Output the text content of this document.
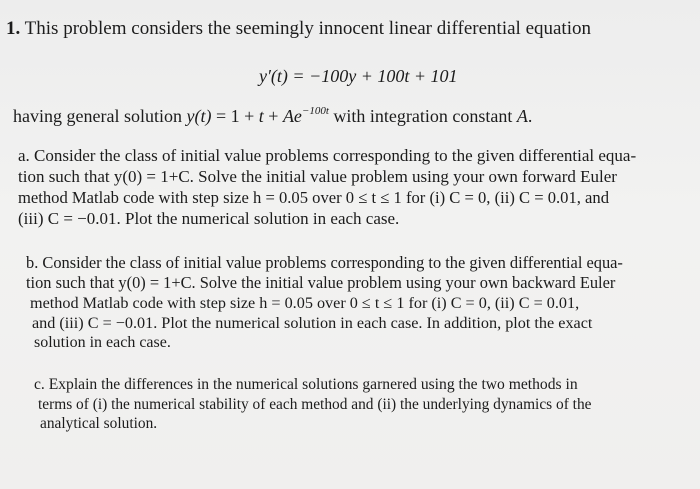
1. This problem considers the seemingly innocent linear differential equation
y′(t) = −100y + 100t + 101
having general solution $y(t) = 1 + t + Ae^{-100t}$ with integration constant A.
a. Consider the class of initial value problems corresponding to the given differential equa-
tion such that y(0) = 1+C. Solve the initial value problem using your own forward Euler
method Matlab code with step size h = 0.05 over 0 ≤ t ≤ 1 for (i) C = 0, (ii) C = 0.01, and
(iii) C = −0.01. Plot the numerical solution in each case.
b. Consider the class of initial value problems corresponding to the given differential equa-
tion such that y(0) = 1+C. Solve the initial value problem using your own backward Euler
method Matlab code with step size h = 0.05 over 0 ≤ t ≤ 1 for (i) C = 0, (ii) C = 0.01,
and (iii) C = −0.01. Plot the numerical solution in each case. In addition, plot the exact
solution in each case.
c. Explain the differences in the numerical solutions garnered using the two methods in
terms of (i) the numerical stability of each method and (ii) the underlying dynamics of the
analytical solution.
